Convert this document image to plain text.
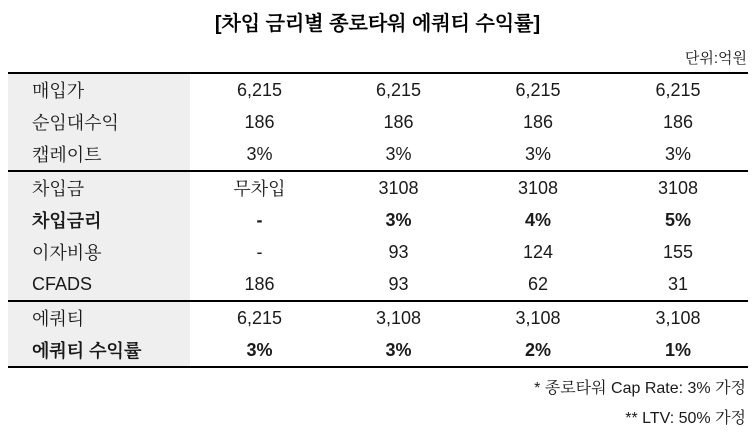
[차입 금리별 종로타워 에쿼티 수익률]
단위:억원
매입가	6,215	6,215	6,215	6,215
순임대수익	186	186	186	186
캡레이트	3%	3%	3%	3%
차입금	무차입	3108	3108	3108
차입금리	-	3%	4%	5%
이자비용	-	93	124	155
CFADS	186	93	62	31
에쿼티	6,215	3,108	3,108	3,108
에쿼티 수익률	3%	3%	2%	1%
* 종로타워 Cap Rate: 3% 가정
** LTV: 50% 가정
